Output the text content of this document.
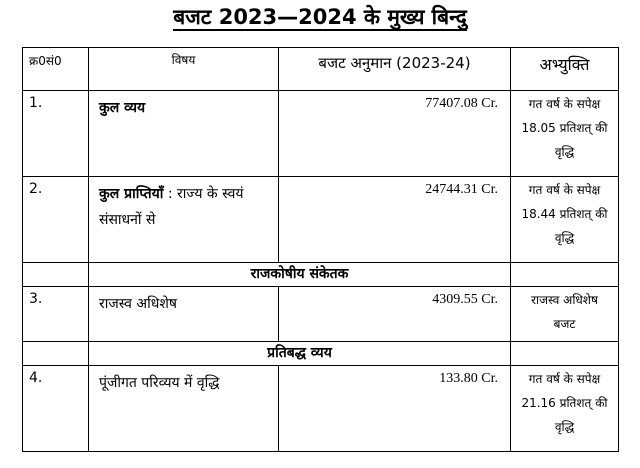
बजट 2023—2024 के मुख्य बिन्दु
क्र0सं0	विषय	बजट अनुमान (2023-24)	अभ्युक्ति
1.	कुल व्यय	77407.08 Cr.	गत वर्ष के सपेक्ष
18.05 प्रतिशत् की
वृद्धि

2.	कुल प्राप्तियाँ : राज्य के स्वयं संसाधनों से	24744.31 Cr.	गत वर्ष के सपेक्ष
18.44 प्रतिशत् की
वृद्धि

	राजकोषीय संकेतक		
3.	राजस्व अधिशेष	4309.55 Cr.	राजस्व अधिशेष
बजट

	प्रतिबद्ध व्यय		
4.	पूंजीगत परिव्यय में वृद्धि	133.80 Cr.	गत वर्ष के सपेक्ष
21.16 प्रतिशत् की
वृद्धि
